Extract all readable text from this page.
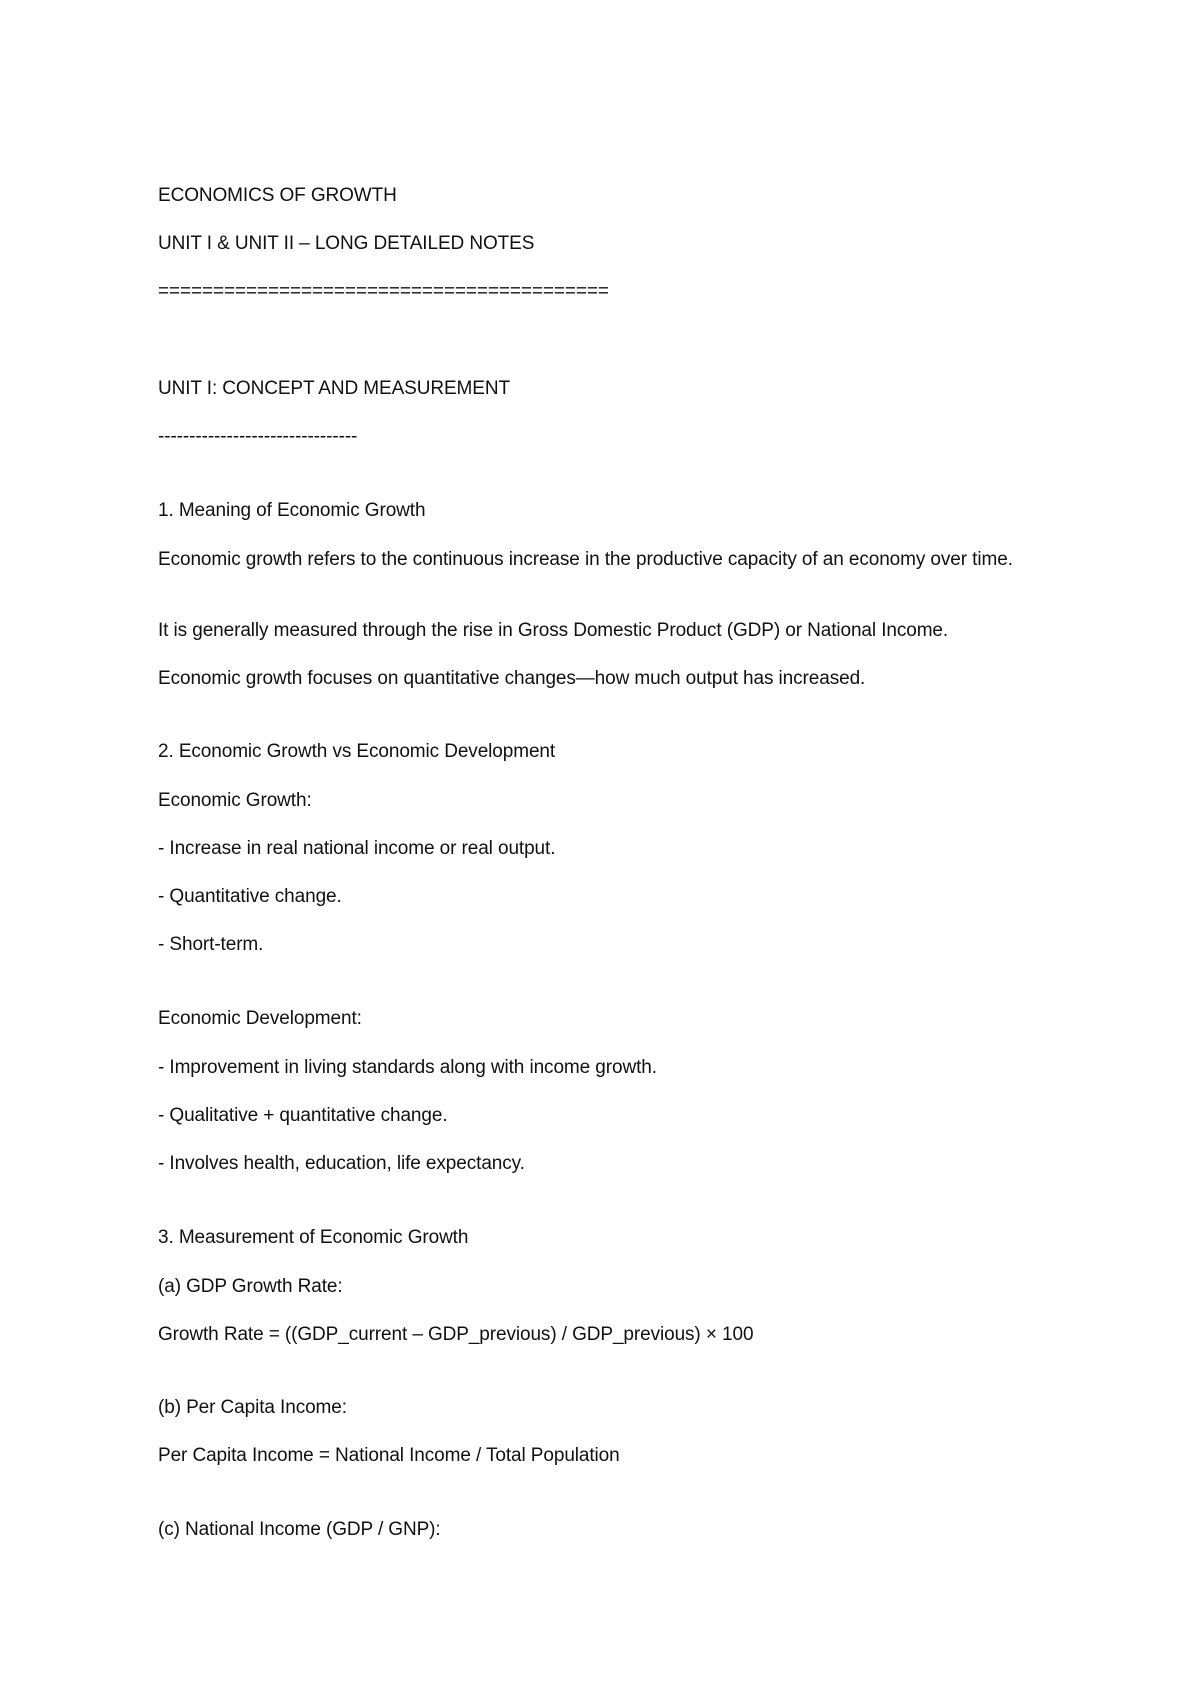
ECONOMICS OF GROWTH
UNIT I & UNIT II – LONG DETAILED NOTES
=========================================
UNIT I: CONCEPT AND MEASUREMENT
--------------------------------
1. Meaning of Economic Growth
Economic growth refers to the continuous increase in the productive capacity of an economy over time.
It is generally measured through the rise in Gross Domestic Product (GDP) or National Income.
Economic growth focuses on quantitative changes—how much output has increased.
2. Economic Growth vs Economic Development
Economic Growth:
- Increase in real national income or real output.
- Quantitative change.
- Short-term.
Economic Development:
- Improvement in living standards along with income growth.
- Qualitative + quantitative change.
- Involves health, education, life expectancy.
3. Measurement of Economic Growth
(a) GDP Growth Rate:
Growth Rate = ((GDP_current – GDP_previous) / GDP_previous) × 100
(b) Per Capita Income:
Per Capita Income = National Income / Total Population
(c) National Income (GDP / GNP):
